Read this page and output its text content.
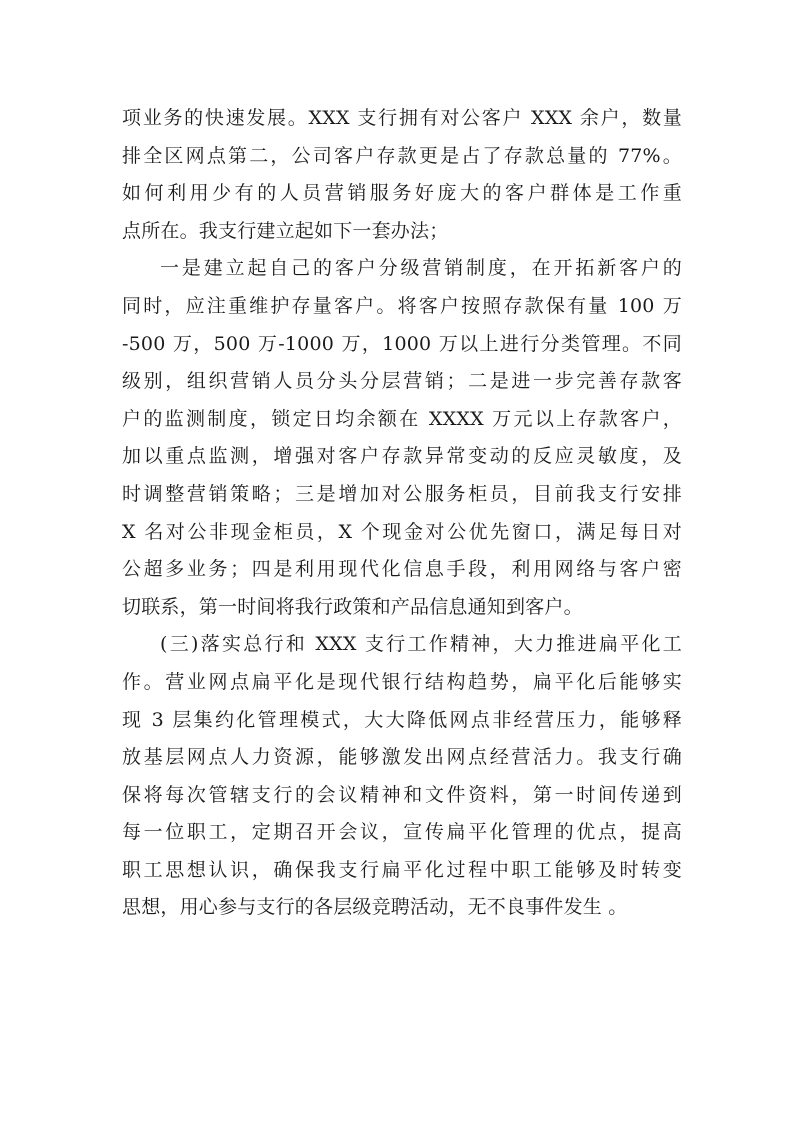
项业务的快速发展。XXX 支行拥有对公客户 XXX 余户，数量
排全区网点第二，公司客户存款更是占了存款总量的 77%。
如何利用少有的人员营销服务好庞大的客户群体是工作重
点所在。我支行建立起如下一套办法；
一是建立起自己的客户分级营销制度，在开拓新客户的
同时，应注重维护存量客户。将客户按照存款保有量 100 万
-500 万，500 万-1000 万，1000 万以上进行分类管理。不同
级别，组织营销人员分头分层营销；二是进一步完善存款客
户的监测制度，锁定日均余额在 XXXX 万元以上存款客户，
加以重点监测，增强对客户存款异常变动的反应灵敏度，及
时调整营销策略；三是增加对公服务柜员，目前我支行安排
X 名对公非现金柜员，X 个现金对公优先窗口，满足每日对
公超多业务；四是利用现代化信息手段，利用网络与客户密
切联系，第一时间将我行政策和产品信息通知到客户。
(三)落实总行和 XXX 支行工作精神，大力推进扁平化工
作。营业网点扁平化是现代银行结构趋势，扁平化后能够实
现 3 层集约化管理模式，大大降低网点非经营压力，能够释
放基层网点人力资源，能够激发出网点经营活力。我支行确
保将每次管辖支行的会议精神和文件资料，第一时间传递到
每一位职工，定期召开会议，宣传扁平化管理的优点，提高
职工思想认识，确保我支行扁平化过程中职工能够及时转变
思想，用心参与支行的各层级竞聘活动，无不良事件发生 。
